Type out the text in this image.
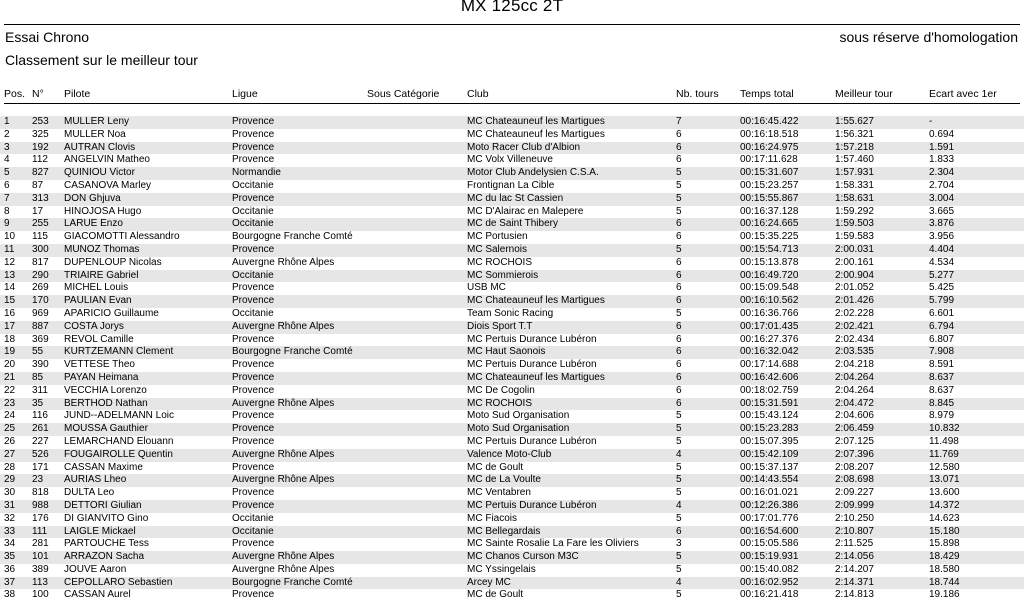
MX 125cc 2T
Essai Chrono	sous réserve d'homologation
Classement sur le meilleur tour
Pos. N° Pilote	Ligue	Sous Catégorie	Club	Nb. tours Temps total	Meilleur tour	Ecart avec 1er
1 253 MULLER Leny	Provence	MC Chateauneuf les Martigues	7	00:16:45.422	1:55.627	-
2 325 MULLER Noa	Provence	MC Chateauneuf les Martigues	6	00:16:18.518	1:56.321	0.694
3 192 AUTRAN Clovis	Provence	Moto Racer Club d'Albion	6	00:16:24.975	1:57.218	1.591
4 112 ANGELVIN Matheo	Provence	MC Volx Villeneuve	6	00:17:11.628	1:57.460	1.833
5 827 QUINIOU Victor	Normandie	Motor Club Andelysien C.S.A.	5	00:15:31.607	1:57.931	2.304
6 87 CASANOVA Marley	Occitanie	Frontignan La Cible	5	00:15:23.257	1:58.331	2.704
7 313 DON Ghjuva	Provence	MC du lac St Cassien	5	00:15:55.867	1:58.631	3.004
8 17 HINOJOSA Hugo	Occitanie	MC D'Alairac en Malepere	5	00:16:37.128	1:59.292	3.665
9 255 LARUE Enzo	Occitanie	MC de Saint Thibery	6	00:16:24.665	1:59.503	3.876
10 115 GIACOMOTTI Alessandro	Bourgogne Franche Comté	MC Portusien	6	00:15:35.225	1:59.583	3.956
11 300 MUNOZ Thomas	Provence	MC Salernois	5	00:15:54.713	2:00.031	4.404
12 817 DUPENLOUP Nicolas	Auvergne Rhône Alpes	MC ROCHOIS	6	00:15:13.878	2:00.161	4.534
13 290 TRIAIRE Gabriel	Occitanie	MC Sommierois	6	00:16:49.720	2:00.904	5.277
14 269 MICHEL Louis	Provence	USB MC	6	00:15:09.548	2:01.052	5.425
15 170 PAULIAN Evan	Provence	MC Chateauneuf les Martigues	6	00:16:10.562	2:01.426	5.799
16 969 APARICIO Guillaume	Occitanie	Team Sonic Racing	5	00:16:36.766	2:02.228	6.601
17 887 COSTA Jorys	Auvergne Rhône Alpes	Diois Sport T.T	6	00:17:01.435	2:02.421	6.794
18 369 REVOL Camille	Provence	MC Pertuis Durance Lubéron	6	00:16:27.376	2:02.434	6.807
19 55 KURTZEMANN Clement	Bourgogne Franche Comté	MC Haut Saonois	6	00:16:32.042	2:03.535	7.908
20 390 VETTESE Theo	Provence	MC Pertuis Durance Lubéron	6	00:17:14.688	2:04.218	8.591
21 85 PAYAN Heimana	Provence	MC Chateauneuf les Martigues	6	00:16:42.606	2:04.264	8.637
22 311 VECCHIA Lorenzo	Provence	MC De Cogolin	6	00:18:02.759	2:04.264	8.637
23 35 BERTHOD Nathan	Auvergne Rhône Alpes	MC ROCHOIS	6	00:15:31.591	2:04.472	8.845
24 116 JUND--ADELMANN Loic	Provence	Moto Sud Organisation	5	00:15:43.124	2:04.606	8.979
25 261 MOUSSA Gauthier	Provence	Moto Sud Organisation	5	00:15:23.283	2:06.459	10.832
26 227 LEMARCHAND Elouann	Provence	MC Pertuis Durance Lubéron	5	00:15:07.395	2:07.125	11.498
27 526 FOUGAIROLLE Quentin	Auvergne Rhône Alpes	Valence Moto-Club	4	00:15:42.109	2:07.396	11.769
28 171 CASSAN Maxime	Provence	MC de Goult	5	00:15:37.137	2:08.207	12.580
29 23 AURIAS Lheo	Auvergne Rhône Alpes	MC de La Voulte	5	00:14:43.554	2:08.698	13.071
30 818 DULTA Leo	Provence	MC Ventabren	5	00:16:01.021	2:09.227	13.600
31 988 DETTORI Giulian	Provence	MC Pertuis Durance Lubéron	4	00:12:26.386	2:09.999	14.372
32 176 DI GIANVITO Gino	Occitanie	MC Fiacois	5	00:17:01.776	2:10.250	14.623
33 111 LAIGLE Mickael	Occitanie	MC Bellegardais	6	00:16:54.600	2:10.807	15.180
34 281 PARTOUCHE Tess	Provence	MC Sainte Rosalie La Fare les Oliviers	3	00:15:05.586	2:11.525	15.898
35 101 ARRAZON Sacha	Auvergne Rhône Alpes	MC Chanos Curson M3C	5	00:15:19.931	2:14.056	18.429
36 389 JOUVE Aaron	Auvergne Rhône Alpes	MC Yssingelais	5	00:15:40.082	2:14.207	18.580
37 113 CEPOLLARO Sebastien	Bourgogne Franche Comté	Arcey MC	4	00:16:02.952	2:14.371	18.744
38 100 CASSAN Aurel	Provence	MC de Goult	5	00:16:21.418	2:14.813	19.186
